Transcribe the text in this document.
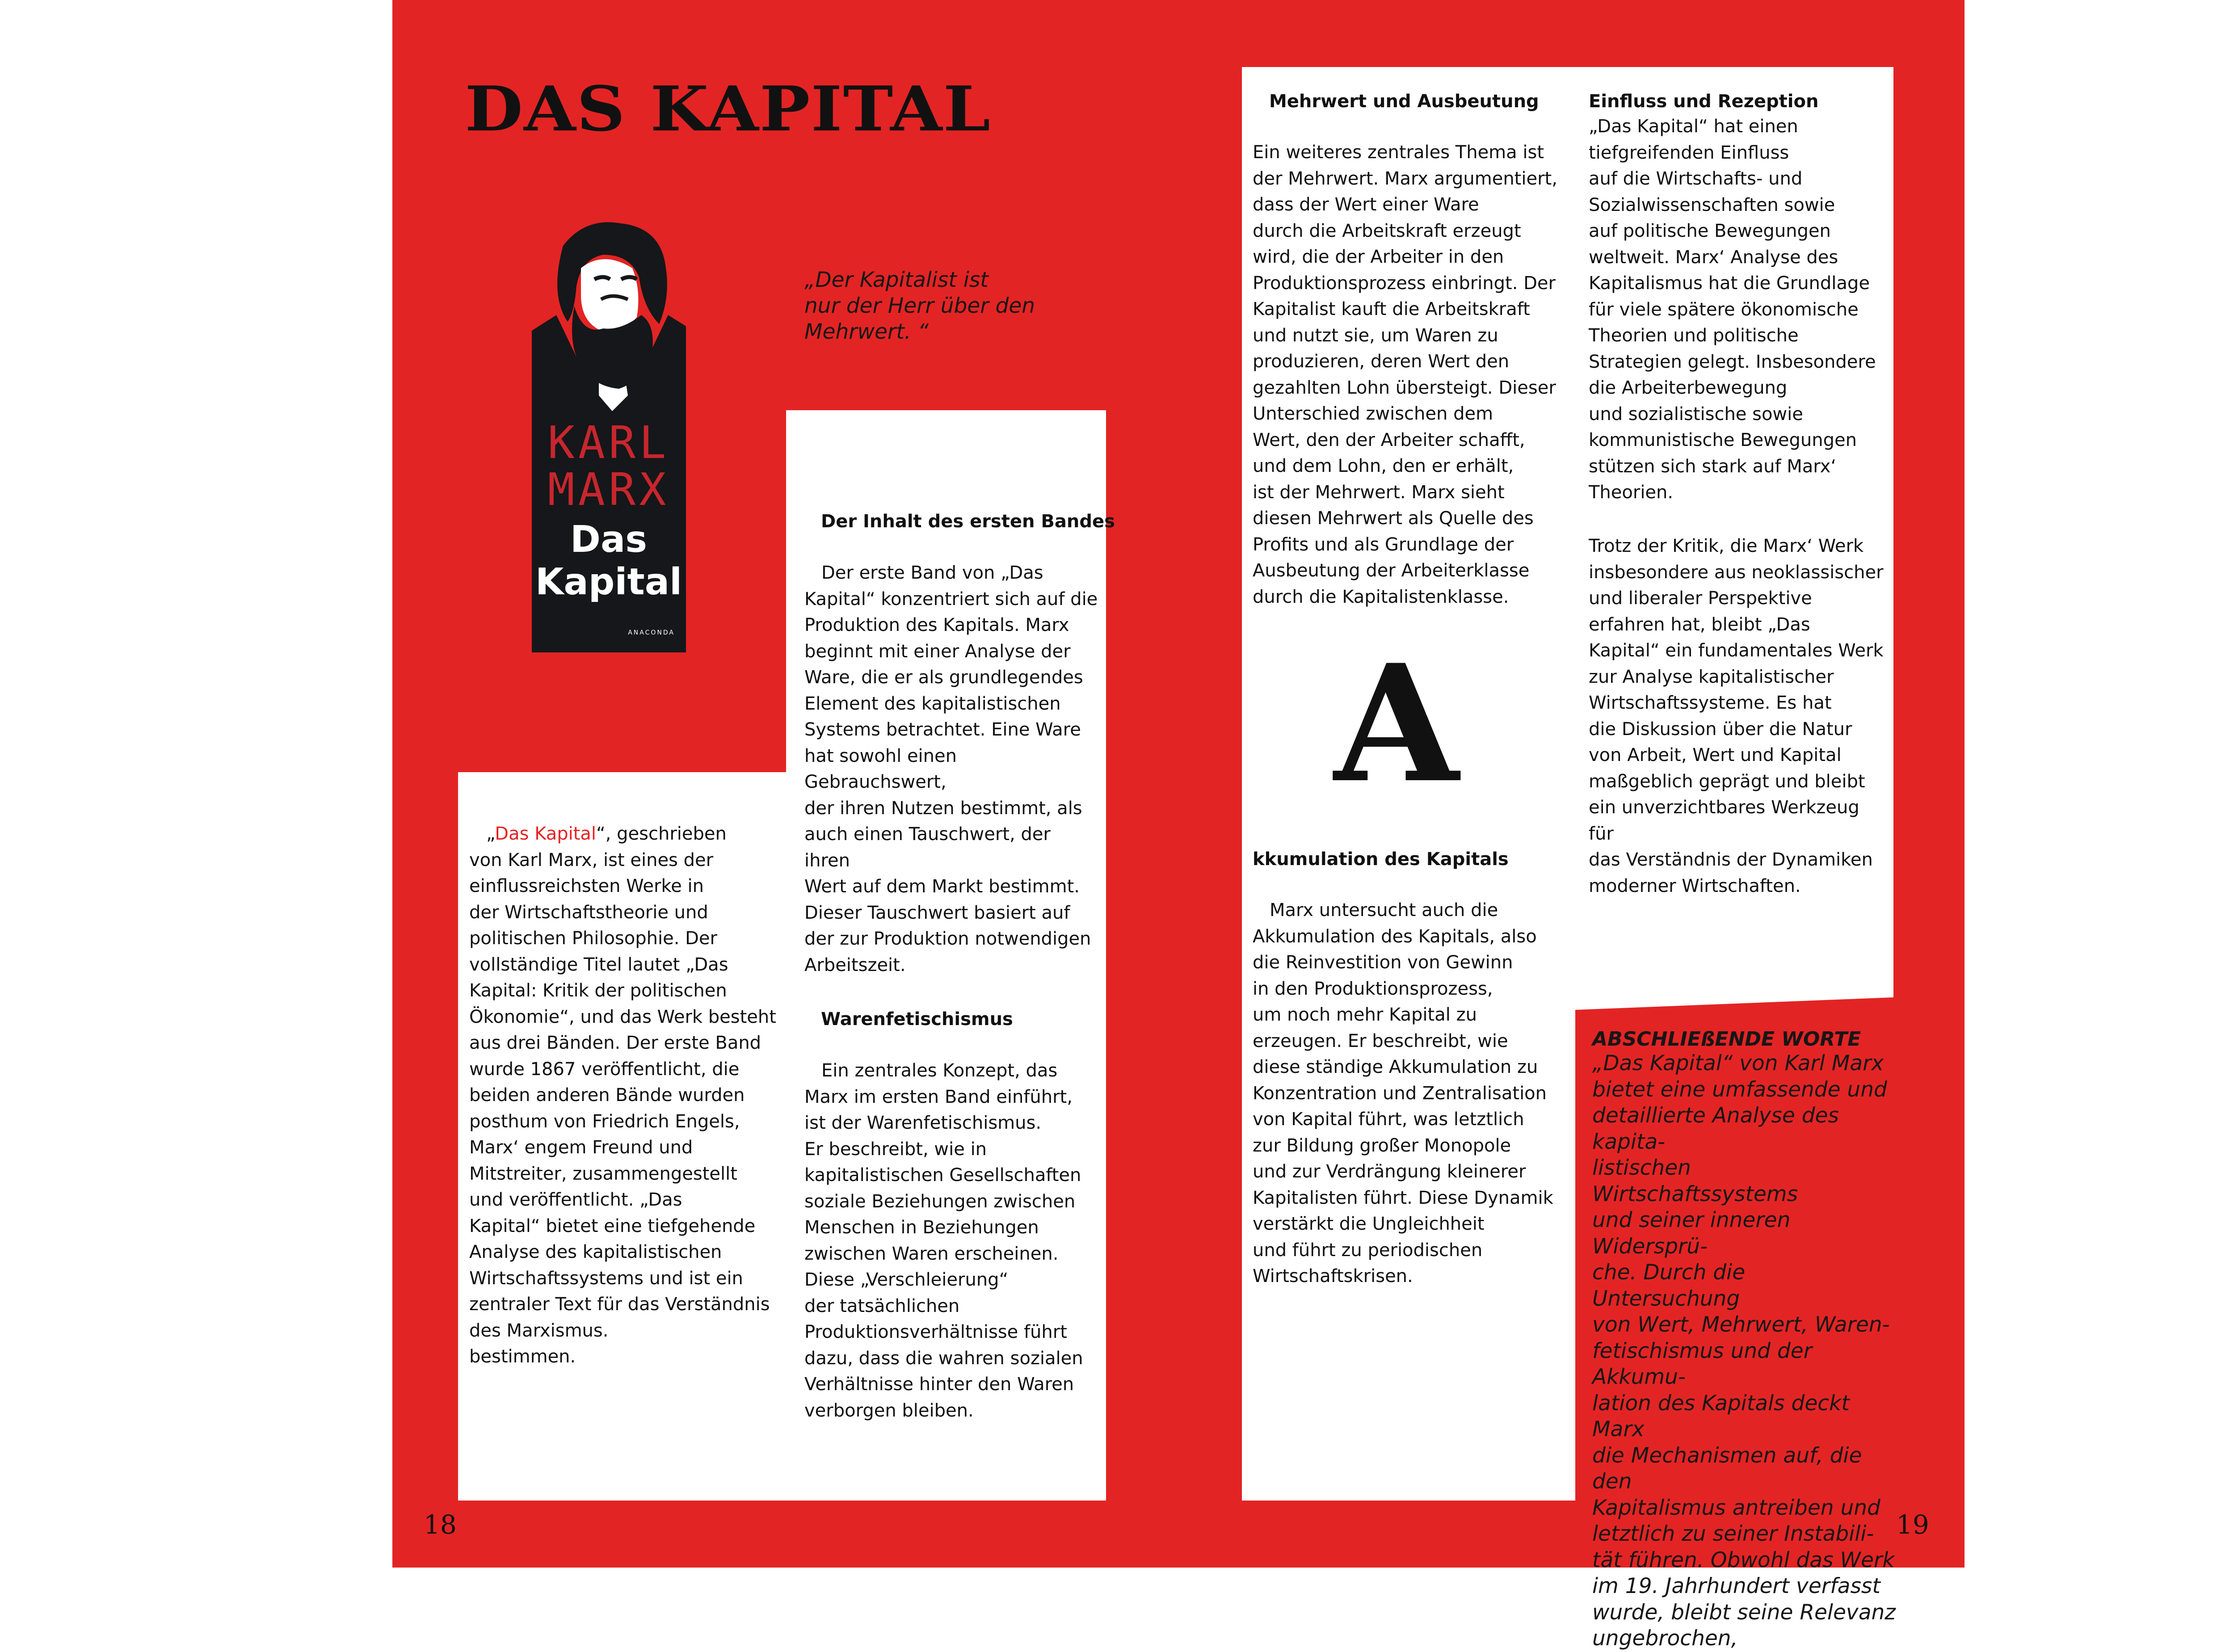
DAS KAPITAL
KARL
MARX
Das
Kapital
ANACONDA
„Der Kapitalist ist
nur der Herr über den
Mehrwert. “
„Das Kapital“, geschrieben
von Karl Marx, ist eines der
einflussreichsten Werke in
der Wirtschaftstheorie und
politischen Philosophie. Der
vollständige Titel lautet „Das
Kapital: Kritik der politischen
Ökonomie“, und das Werk besteht
aus drei Bänden. Der erste Band
wurde 1867 veröffentlicht, die
beiden anderen Bände wurden
posthum von Friedrich Engels,
Marx‘ engem Freund und
Mitstreiter, zusammengestellt
und veröffentlicht. „Das
Kapital“ bietet eine tiefgehende
Analyse des kapitalistischen
Wirtschaftssystems und ist ein
zentraler Text für das Verständnis
des Marxismus.
bestimmen.
Der Inhalt des ersten Bandes
Der erste Band von „Das
Kapital“ konzentriert sich auf die
Produktion des Kapitals. Marx
beginnt mit einer Analyse der
Ware, die er als grundlegendes
Element des kapitalistischen
Systems betrachtet. Eine Ware
hat sowohl einen Gebrauchswert,
der ihren Nutzen bestimmt, als
auch einen Tauschwert, der ihren
Wert auf dem Markt bestimmt.
Dieser Tauschwert basiert auf
der zur Produktion notwendigen
Arbeitszeit.
Warenfetischismus
Ein zentrales Konzept, das
Marx im ersten Band einführt,
ist der Warenfetischismus.
Er beschreibt, wie in
kapitalistischen Gesellschaften
soziale Beziehungen zwischen
Menschen in Beziehungen
zwischen Waren erscheinen.
Diese „Verschleierung“
der tatsächlichen
Produktionsverhältnisse führt
dazu, dass die wahren sozialen
Verhältnisse hinter den Waren
verborgen bleiben.
Mehrwert und Ausbeutung
Ein weiteres zentrales Thema ist
der Mehrwert. Marx argumentiert,
dass der Wert einer Ware
durch die Arbeitskraft erzeugt
wird, die der Arbeiter in den
Produktionsprozess einbringt. Der
Kapitalist kauft die Arbeitskraft
und nutzt sie, um Waren zu
produzieren, deren Wert den
gezahlten Lohn übersteigt. Dieser
Unterschied zwischen dem
Wert, den der Arbeiter schafft,
und dem Lohn, den er erhält,
ist der Mehrwert. Marx sieht
diesen Mehrwert als Quelle des
Profits und als Grundlage der
Ausbeutung der Arbeiterklasse
durch die Kapitalistenklasse.
A
kkumulation des Kapitals
Marx untersucht auch die
Akkumulation des Kapitals, also
die Reinvestition von Gewinn
in den Produktionsprozess,
um noch mehr Kapital zu
erzeugen. Er beschreibt, wie
diese ständige Akkumulation zu
Konzentration und Zentralisation
von Kapital führt, was letztlich
zur Bildung großer Monopole
und zur Verdrängung kleinerer
Kapitalisten führt. Diese Dynamik
verstärkt die Ungleichheit
und führt zu periodischen
Wirtschaftskrisen.
Einfluss und Rezeption
„Das Kapital“ hat einen
tiefgreifenden Einfluss
auf die Wirtschafts- und
Sozialwissenschaften sowie
auf politische Bewegungen
weltweit. Marx‘ Analyse des
Kapitalismus hat die Grundlage
für viele spätere ökonomische
Theorien und politische
Strategien gelegt. Insbesondere
die Arbeiterbewegung
und sozialistische sowie
kommunistische Bewegungen
stützen sich stark auf Marx‘
Theorien.
Trotz der Kritik, die Marx‘ Werk
insbesondere aus neoklassischer
und liberaler Perspektive
erfahren hat, bleibt „Das
Kapital“ ein fundamentales Werk
zur Analyse kapitalistischer
Wirtschaftssysteme. Es hat
die Diskussion über die Natur
von Arbeit, Wert und Kapital
maßgeblich geprägt und bleibt
ein unverzichtbares Werkzeug für
das Verständnis der Dynamiken
moderner Wirtschaften.
ABSCHLIEßENDE WORTE
„Das Kapital“ von Karl Marx
bietet eine umfassende und
detaillierte Analyse des kapita-
listischen Wirtschaftssystems
und seiner inneren Widersprü-
che. Durch die Untersuchung
von Wert, Mehrwert, Waren-
fetischismus und der Akkumu-
lation des Kapitals deckt Marx
die Mechanismen auf, die den
Kapitalismus antreiben und
letztlich zu seiner Instabili-
tät führen. Obwohl das Werk
im 19. Jahrhundert verfasst
wurde, bleibt seine Relevanz
ungebrochen,
18	19
